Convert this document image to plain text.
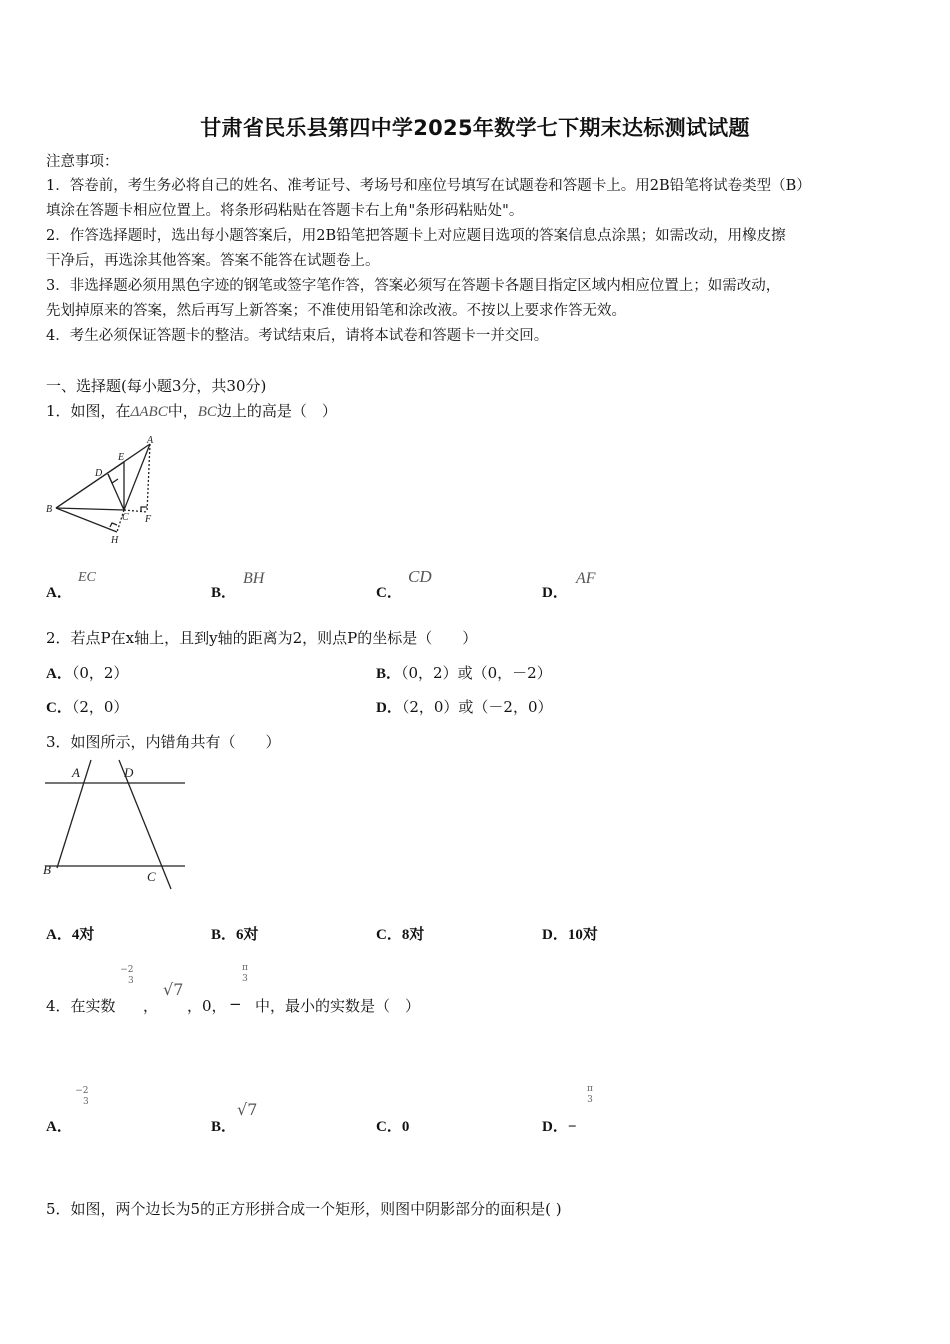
甘肃省民乐县第四中学2025年数学七下期末达标测试试题
注意事项：
1．答卷前，考生务必将自己的姓名、准考证号、考场号和座位号填写在试题卷和答题卡上。用2B铅笔将试卷类型（B）
填涂在答题卡相应位置上。将条形码粘贴在答题卡右上角"条形码粘贴处"。
2．作答选择题时，选出每小题答案后，用2B铅笔把答题卡上对应题目选项的答案信息点涂黑；如需改动，用橡皮擦
干净后，再选涂其他答案。答案不能答在试题卷上。
3．非选择题必须用黑色字迹的钢笔或签字笔作答，答案必须写在答题卡各题目指定区域内相应位置上；如需改动，
先划掉原来的答案，然后再写上新答案；不准使用铅笔和涂改液。不按以上要求作答无效。
4．考生必须保证答题卡的整洁。考试结束后，请将本试卷和答题卡一并交回。
一、选择题(每小题3分，共30分)
1．如图，在ΔABC中，BC边上的高是（　）
A
B
C
D
E
F
H
A．
EC
B．
BH
C．
CD
D．
AF
2．若点P在x轴上，且到y轴的距离为2，则点P的坐标是（　　）
A．（0，2）	B．（0，2）或（0，－2）
C．（2，0）	D．（2，0）或（－2，0）
3．如图所示，内错角共有（　　）
A	D
B	C
A．4对	B．6对	C．8对	D．10对
4．在实数
−2
3
，
√7
，0，
π
3
− 中，最小的实数是（　）
A．
−2
3
B．
√7
C．0	D．−
π
3
5．如图，两个边长为5的正方形拼合成一个矩形，则图中阴影部分的面积是( )
